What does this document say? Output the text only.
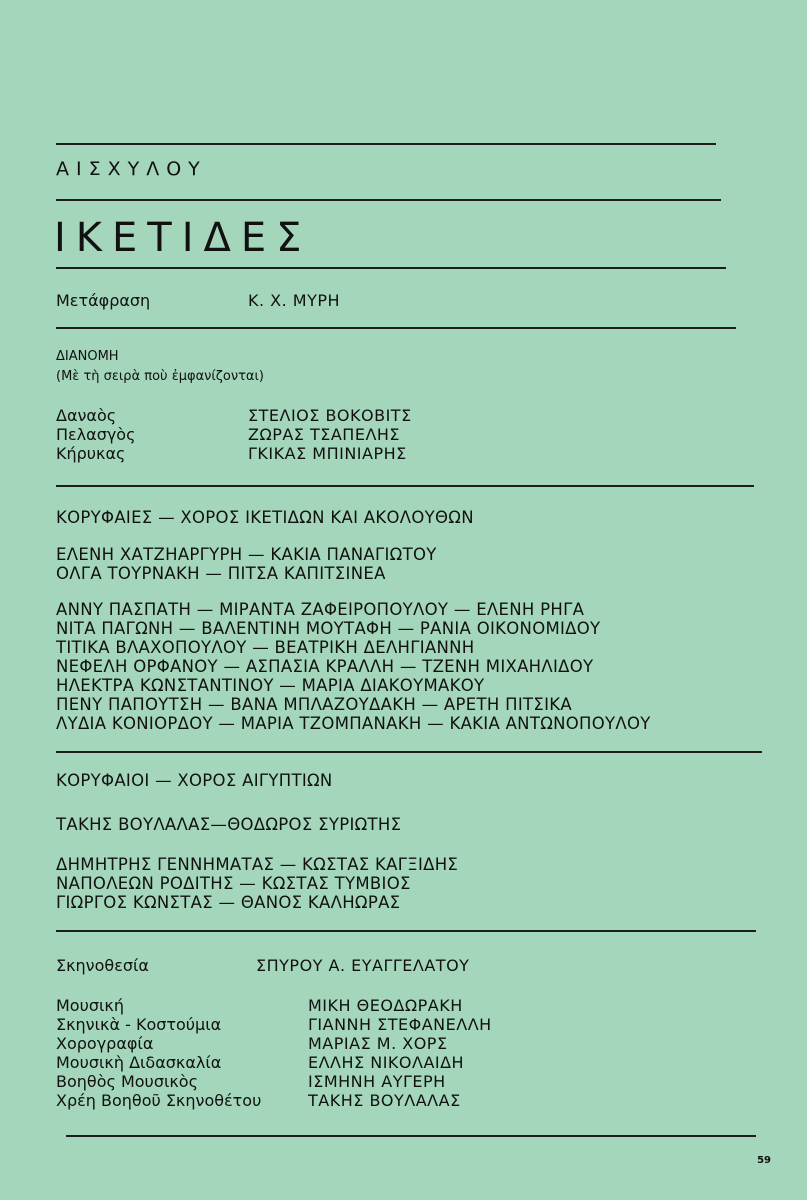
ΑΙΣΧΥΛΟΥ
ΙΚΕΤΙΔΕΣ
Μετάφραση	Κ. Χ. ΜΥΡΗ
ΔΙΑΝΟΜΗ
(Μὲ τὴ σειρὰ ποὺ ἐμφανίζονται)
Δαναὸς	ΣΤΕΛΙΟΣ ΒΟΚΟΒΙΤΣ
Πελασγὸς	ΖΩΡΑΣ ΤΣΑΠΕΛΗΣ
Κήρυκας	ΓΚΙΚΑΣ ΜΠΙΝΙΑΡΗΣ
ΚΟΡΥΦΑΙΕΣ — ΧΟΡΟΣ ΙΚΕΤΙΔΩΝ ΚΑΙ ΑΚΟΛΟΥΘΩΝ
ΕΛΕΝΗ ΧΑΤΖΗΑΡΓΥΡΗ — ΚΑΚΙΑ ΠΑΝΑΓΙΩΤΟΥ
ΟΛΓΑ ΤΟΥΡΝΑΚΗ — ΠΙΤΣΑ ΚΑΠΙΤΣΙΝΕΑ
ΑΝΝΥ ΠΑΣΠΑΤΗ — ΜΙΡΑΝΤΑ ΖΑΦΕΙΡΟΠΟΥΛΟΥ — ΕΛΕΝΗ ΡΗΓΑ
ΝΙΤΑ ΠΑΓΩΝΗ — ΒΑΛΕΝΤΙΝΗ ΜΟΥΤΑΦΗ — ΡΑΝΙΑ ΟΙΚΟΝΟΜΙΔΟΥ
ΤΙΤΙΚΑ ΒΛΑΧΟΠΟΥΛΟΥ — ΒΕΑΤΡΙΚΗ ΔΕΛΗΓΙΑΝΝΗ
ΝΕΦΕΛΗ ΟΡΦΑΝΟΥ — ΑΣΠΑΣΙΑ ΚΡΑΛΛΗ — ΤΖΕΝΗ ΜΙΧΑΗΛΙΔΟΥ
ΗΛΕΚΤΡΑ ΚΩΝΣΤΑΝΤΙΝΟΥ — ΜΑΡΙΑ ΔΙΑΚΟΥΜΑΚΟΥ
ΠΕΝΥ ΠΑΠΟΥΤΣΗ — ΒΑΝΑ ΜΠΛΑΖΟΥΔΑΚΗ — ΑΡΕΤΗ ΠΙΤΣΙΚΑ
ΛΥΔΙΑ ΚΟΝΙΟΡΔΟΥ — ΜΑΡΙΑ ΤΖΟΜΠΑΝΑΚΗ — ΚΑΚΙΑ ΑΝΤΩΝΟΠΟΥΛΟΥ
ΚΟΡΥΦΑΙΟΙ — ΧΟΡΟΣ ΑΙΓΥΠΤΙΩΝ
ΤΑΚΗΣ ΒΟΥΛΑΛΑΣ—ΘΟΔΩΡΟΣ ΣΥΡΙΩΤΗΣ
ΔΗΜΗΤΡΗΣ ΓΕΝΝΗΜΑΤΑΣ — ΚΩΣΤΑΣ ΚΑΓΞΙΔΗΣ
ΝΑΠΟΛΕΩΝ ΡΟΔΙΤΗΣ — ΚΩΣΤΑΣ ΤΥΜΒΙΟΣ
ΓΙΩΡΓΟΣ ΚΩΝΣΤΑΣ — ΘΑΝΟΣ ΚΑΛΗΩΡΑΣ
Σκηνοθεσία	ΣΠΥΡΟΥ Α. ΕΥΑΓΓΕΛΑΤΟΥ
Μουσική	ΜΙΚΗ ΘΕΟΔΩΡΑΚΗ
Σκηνικὰ - Κοστούμια	ΓΙΑΝΝΗ ΣΤΕΦΑΝΕΛΛΗ
Χορογραφία	ΜΑΡΙΑΣ Μ. ΧΟΡΣ
Μουσικὴ Διδασκαλία	ΕΛΛΗΣ ΝΙΚΟΛΑΙΔΗ
Βοηθὸς Μουσικὸς	ΙΣΜΗΝΗ ΑΥΓΕΡΗ
Χρέη Βοηθοῦ Σκηνοθέτου	ΤΑΚΗΣ ΒΟΥΛΑΛΑΣ
59
